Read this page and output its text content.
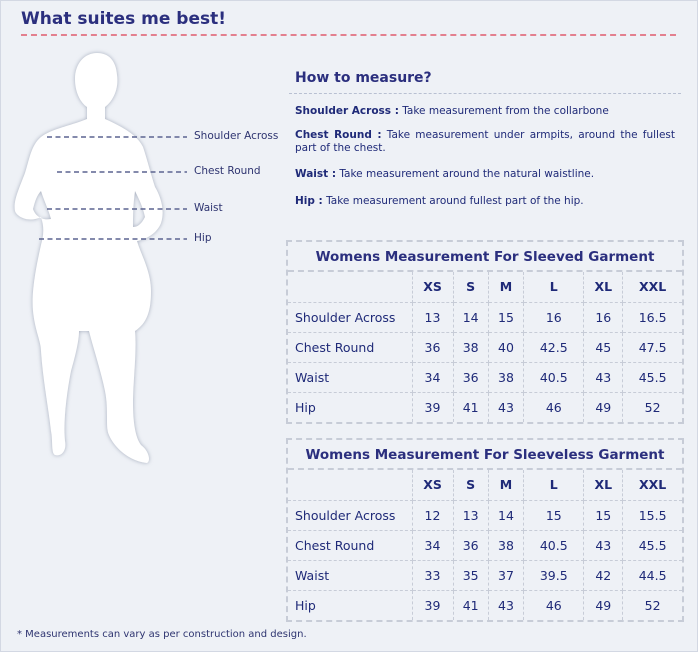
What suites me best!
Shoulder Across
Chest Round
Waist
Hip
How to measure?

Shoulder Across : Take measurement from the collarbone

Chest Round : Take measurement under armpits, around the fullest part of the chest.

Waist : Take measurement around the natural waistline.

Hip : Take measurement around fullest part of the hip.

Womens Measurement For Sleeved Garment
	XS	S	M	L	XL	XXL
Shoulder Across	13	14	15	16	16	16.5
Chest Round	36	38	40	42.5	45	47.5
Waist	34	36	38	40.5	43	45.5
Hip	39	41	43	46	49	52
Womens Measurement For Sleeveless Garment
	XS	S	M	L	XL	XXL
Shoulder Across	12	13	14	15	15	15.5
Chest Round	34	36	38	40.5	43	45.5
Waist	33	35	37	39.5	42	44.5
Hip	39	41	43	46	49	52
* Measurements can vary as per construction and design.
